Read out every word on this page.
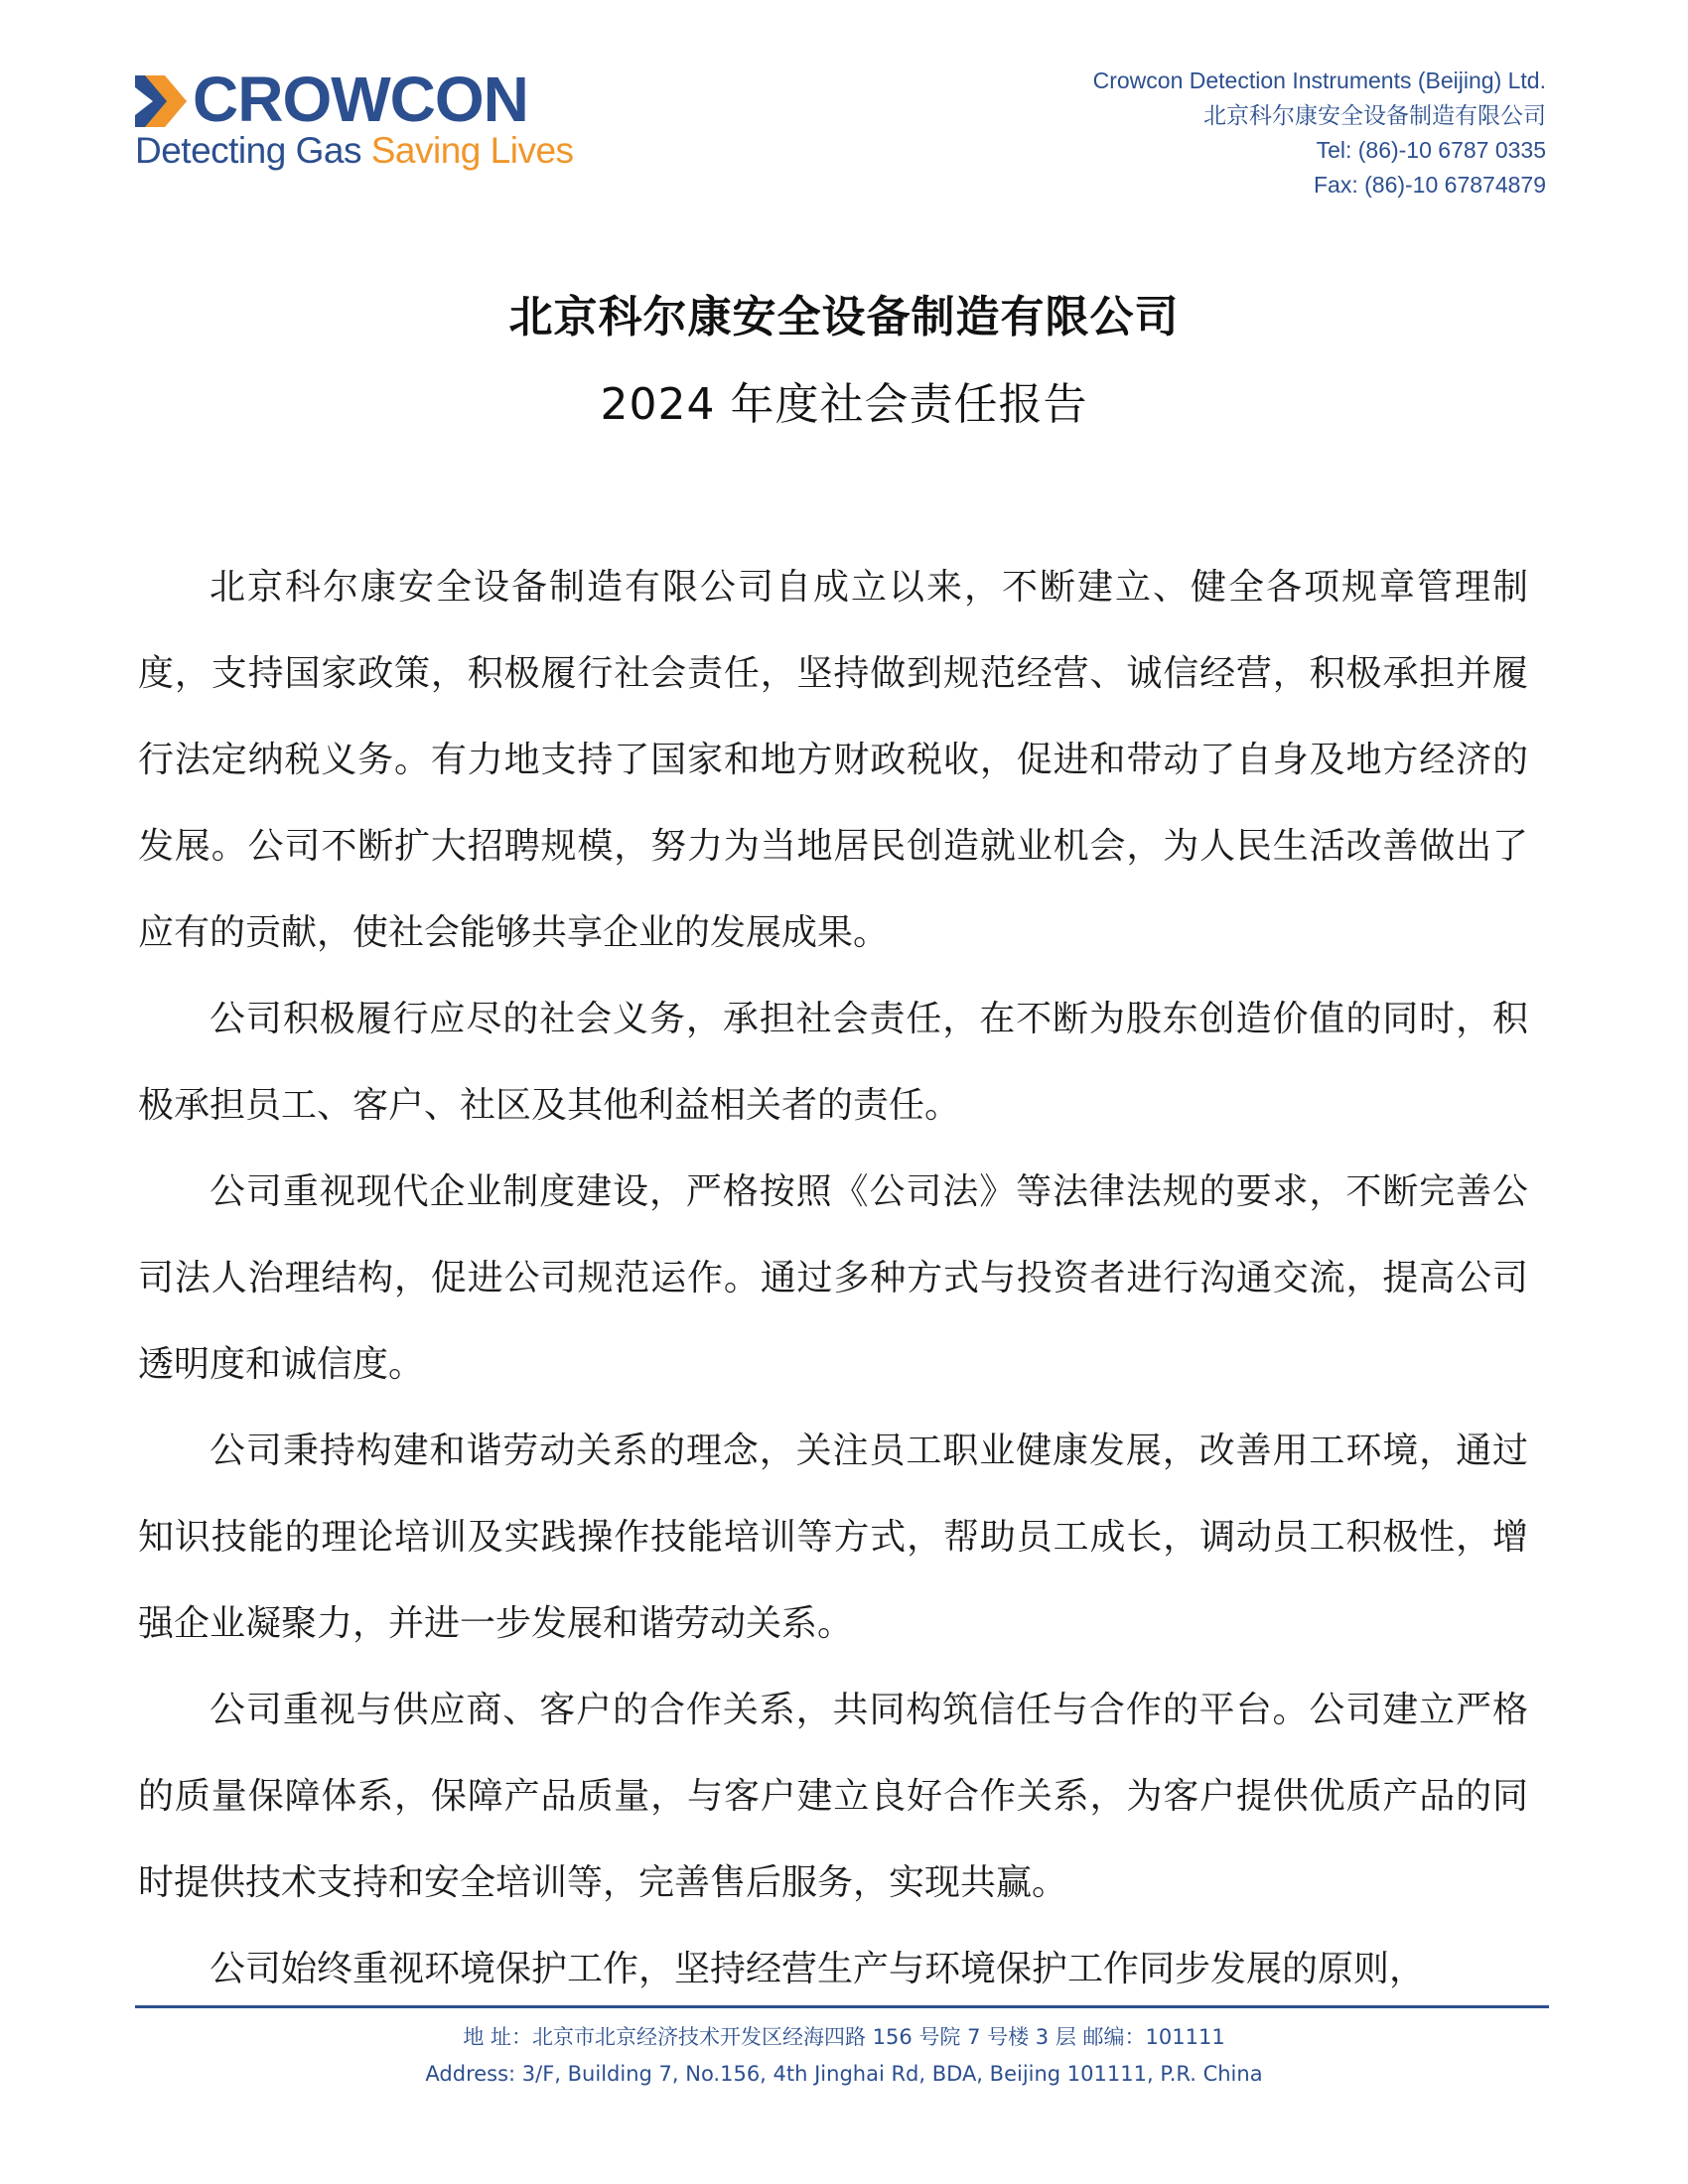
CROWCON
Detecting Gas Saving Lives
Crowcon Detection Instruments (Beijing) Ltd.
北京科尔康安全设备制造有限公司
Tel: (86)-10 6787 0335
Fax: (86)-10 67874879
北京科尔康安全设备制造有限公司
2024 年度社会责任报告

北京科尔康安全设备制造有限公司自成立以来，不断建立、健全各项规章管理制度，支持国家政策，积极履行社会责任，坚持做到规范经营、诚信经营，积极承担并履行法定纳税义务。有力地支持了国家和地方财政税收，促进和带动了自身及地方经济的发展。公司不断扩大招聘规模，努力为当地居民创造就业机会，为人民生活改善做出了应有的贡献，使社会能够共享企业的发展成果。

公司积极履行应尽的社会义务，承担社会责任，在不断为股东创造价值的同时，积极承担员工、客户、社区及其他利益相关者的责任。

公司重视现代企业制度建设，严格按照《公司法》等法律法规的要求，不断完善公司法人治理结构，促进公司规范运作。通过多种方式与投资者进行沟通交流，提高公司透明度和诚信度。

公司秉持构建和谐劳动关系的理念，关注员工职业健康发展，改善用工环境，通过知识技能的理论培训及实践操作技能培训等方式，帮助员工成长，调动员工积极性，增强企业凝聚力，并进一步发展和谐劳动关系。

公司重视与供应商、客户的合作关系，共同构筑信任与合作的平台。公司建立严格的质量保障体系，保障产品质量，与客户建立良好合作关系，为客户提供优质产品的同时提供技术支持和安全培训等，完善售后服务，实现共赢。

公司始终重视环境保护工作，坚持经营生产与环境保护工作同步发展的原则，

地 址：北京市北京经济技术开发区经海四路 156 号院 7 号楼 3 层 邮编：101111
Address: 3/F, Building 7, No.156, 4th Jinghai Rd, BDA, Beijing 101111, P.R. China
